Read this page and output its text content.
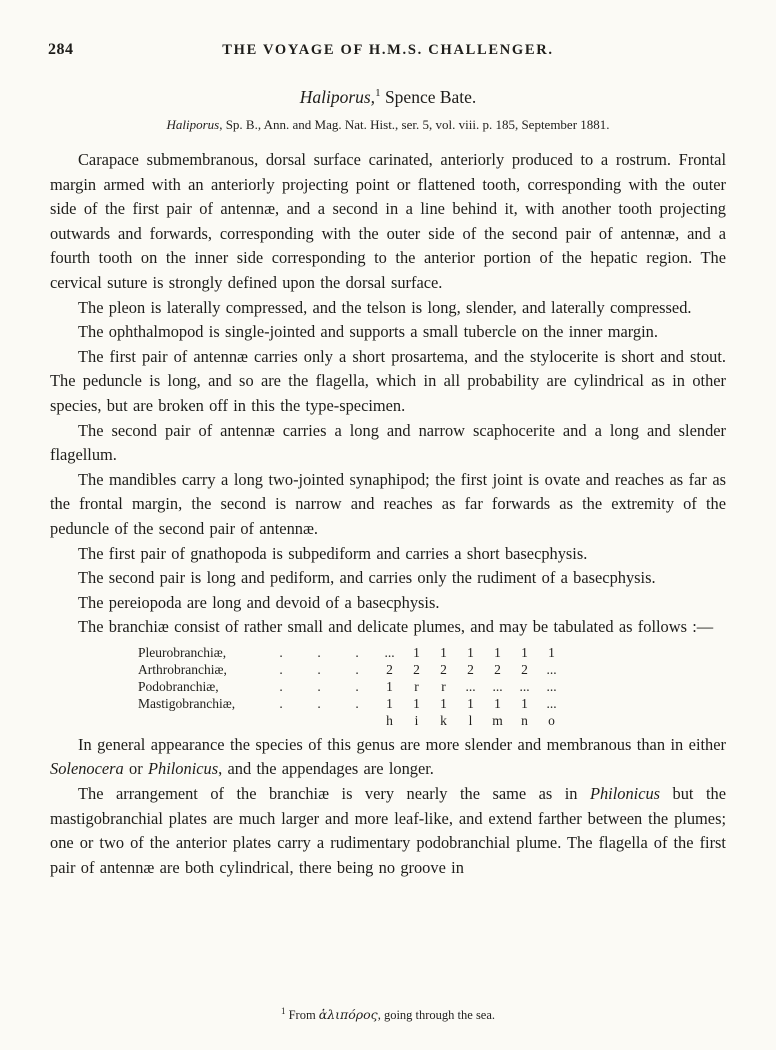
284	THE VOYAGE OF H.M.S. CHALLENGER.
Haliporus,$^1$ Spence Bate.
Haliporus, Sp. B., Ann. and Mag. Nat. Hist., ser. 5, vol. viii. p. 185, September 1881.

Carapace submembranous, dorsal surface carinated, anteriorly produced to a rostrum. Frontal margin armed with an anteriorly projecting point or flattened tooth, corresponding with the outer side of the first pair of antennæ, and a second in a line behind it, with another tooth projecting outwards and forwards, corresponding with the outer side of the second pair of antennæ, and a fourth tooth on the inner side corresponding to the anterior portion of the hepatic region. The cervical suture is strongly defined upon the dorsal surface.

The pleon is laterally compressed, and the telson is long, slender, and laterally compressed.

The ophthalmopod is single-jointed and supports a small tubercle on the inner margin.

The first pair of antennæ carries only a short prosartema, and the stylocerite is short and stout. The peduncle is long, and so are the flagella, which in all probability are cylindrical as in other species, but are broken off in this the type-specimen.

The second pair of antennæ carries a long and narrow scaphocerite and a long and slender flagellum.

The mandibles carry a long two-jointed synaphipod; the first joint is ovate and reaches as far as the frontal margin, the second is narrow and reaches as far forwards as the extremity of the peduncle of the second pair of antennæ.

The first pair of gnathopoda is subpediform and carries a short basecphysis.

The second pair is long and pediform, and carries only the rudiment of a basecphysis.

The pereiopoda are long and devoid of a basecphysis.

The branchiæ consist of rather small and delicate plumes, and may be tabulated as follows :—

Pleurobranchiæ,	.	.	.	...	1	1	1	1	1	1
Arthrobranchiæ,	.	.	.	2	2	2	2	2	2	...
Podobranchiæ,	.	.	.	1	r	r	...	...	...	...
Mastigobranchiæ,	.	.	.	1	1	1	1	1	1	...
				h	i	k	l	m	n	o

In general appearance the species of this genus are more slender and membranous than in either Solenocera or Philonicus, and the appendages are longer.

The arrangement of the branchiæ is very nearly the same as in Philonicus but the mastigobranchial plates are much larger and more leaf-like, and extend farther between the plumes; one or two of the anterior plates carry a rudimentary podobranchial plume. The flagella of the first pair of antennæ are both cylindrical, there being no groove in

$^1$ From ἁλιπόρος, going through the sea.
